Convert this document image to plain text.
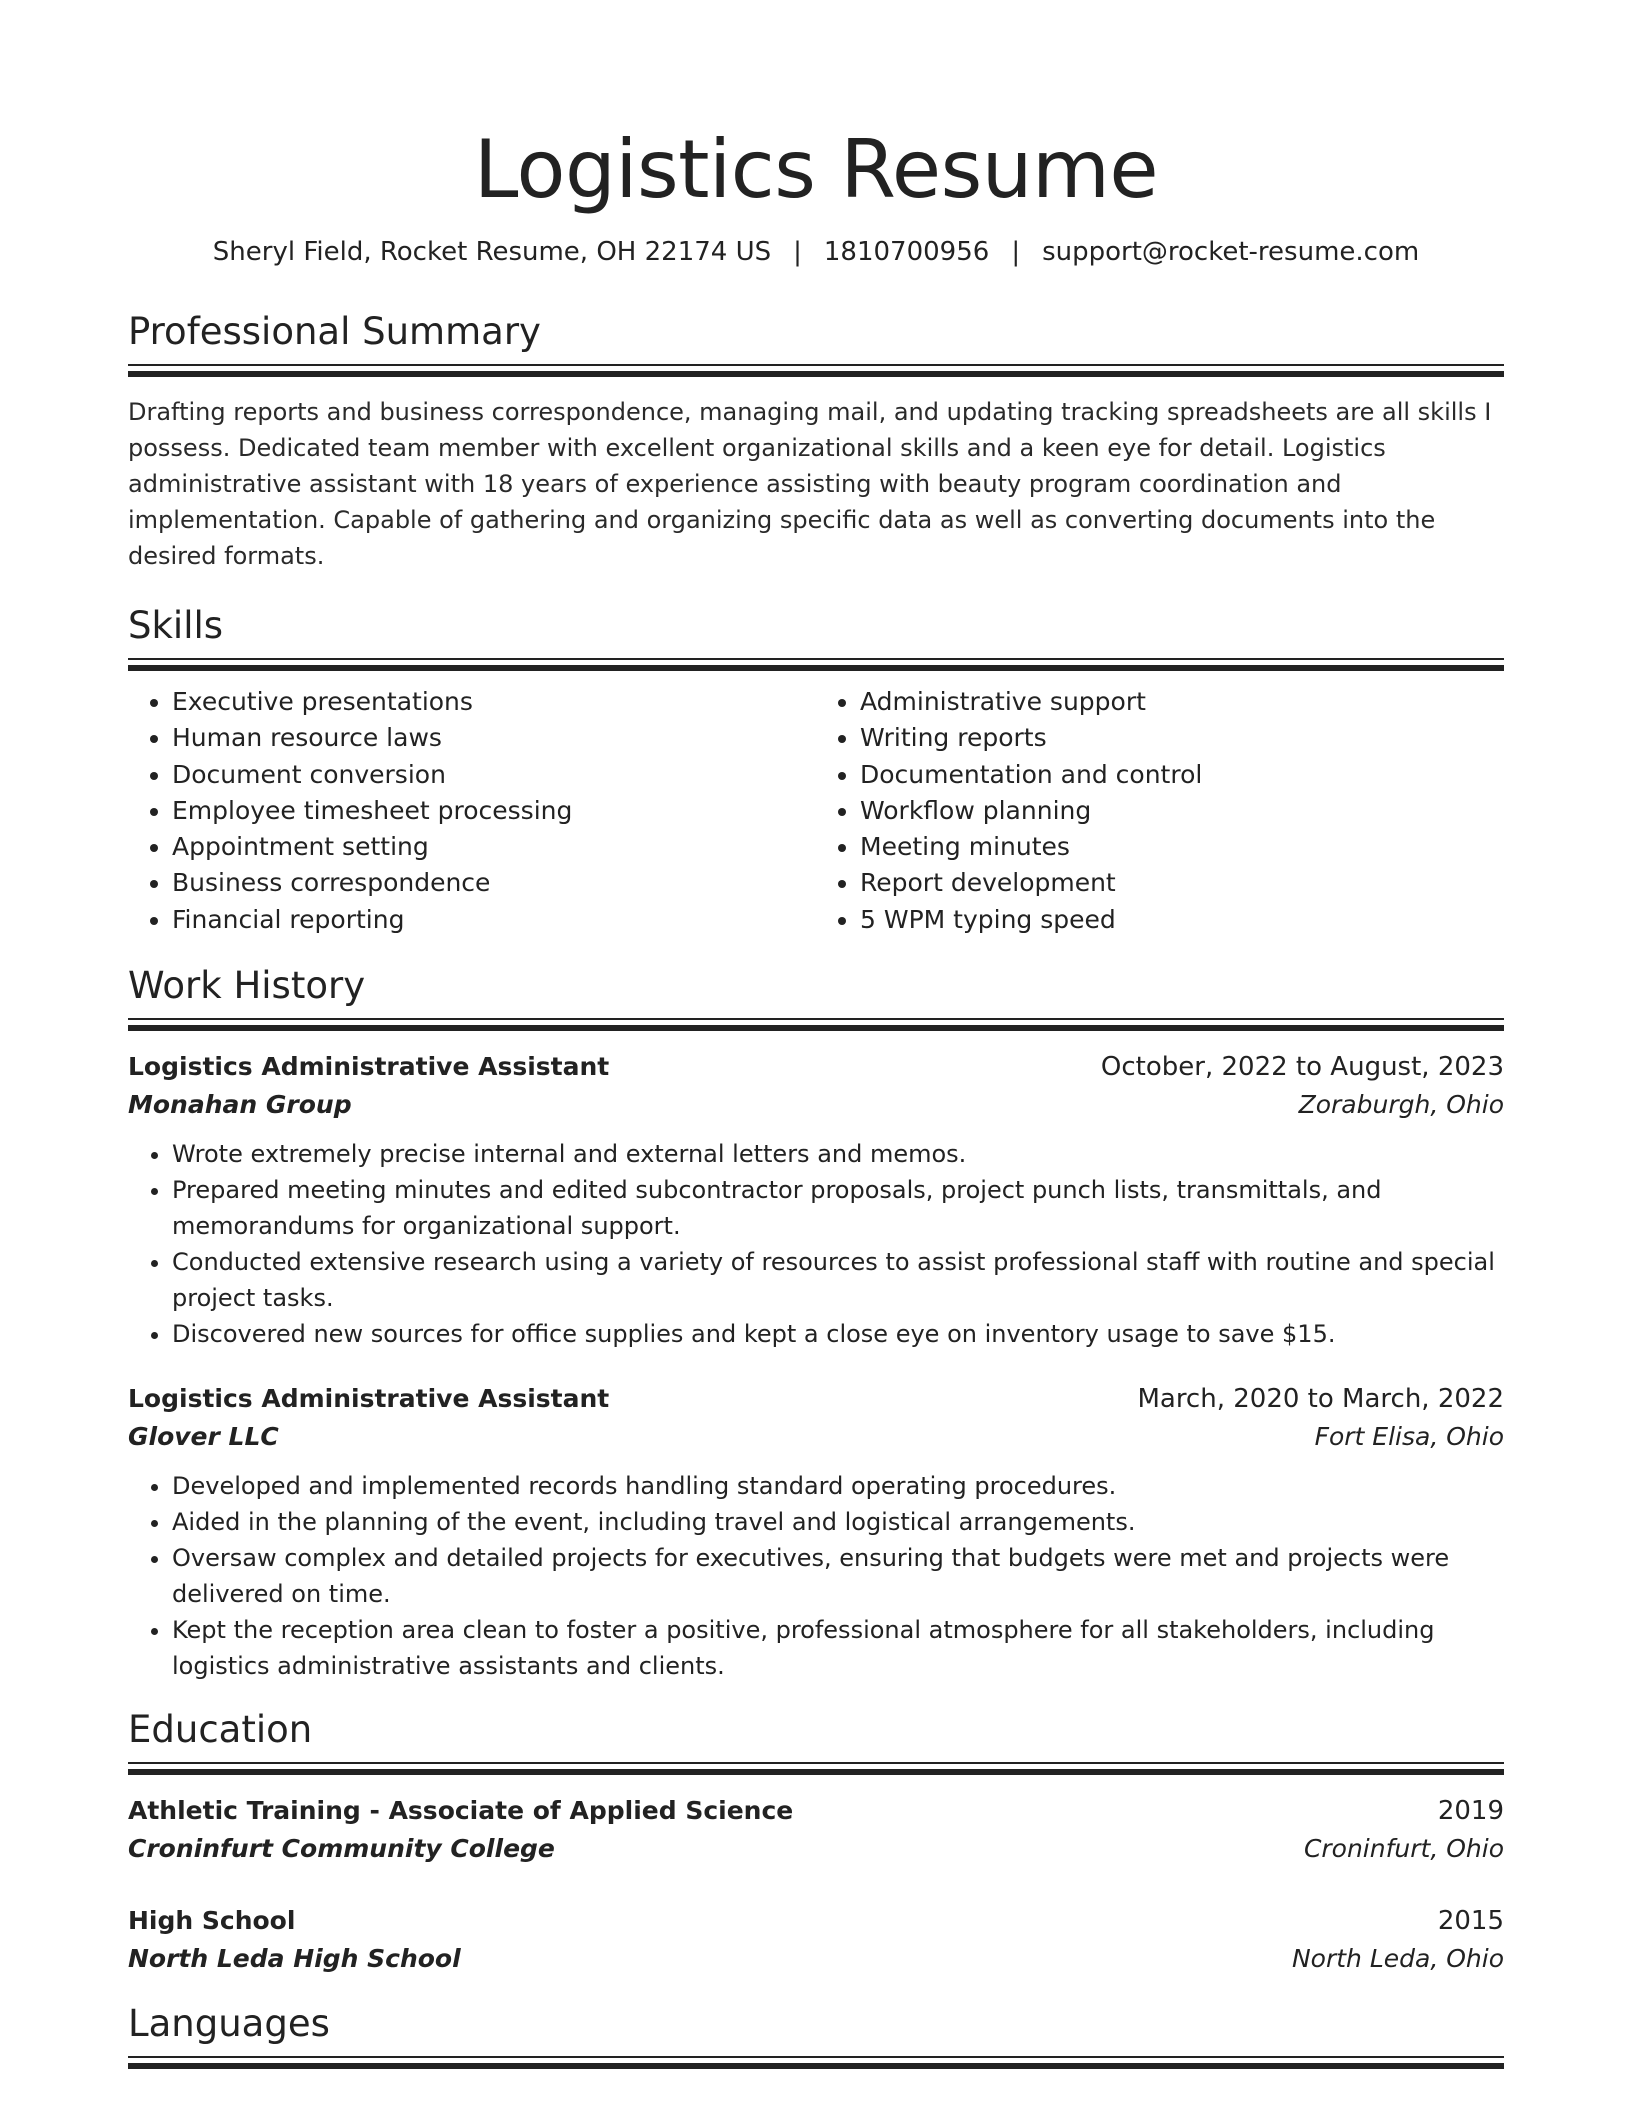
Logistics Resume
Sheryl Field, Rocket Resume, OH 22174 US | 1810700956 | support@rocket-resume.com
Professional Summary
Drafting reports and business correspondence, managing mail, and updating tracking spreadsheets are all skills I possess. Dedicated team member with excellent organizational skills and a keen eye for detail. Logistics administrative assistant with 18 years of experience assisting with beauty program coordination and implementation. Capable of gathering and organizing specific data as well as converting documents into the desired formats.
Skills
• Executive presentations
• Human resource laws
• Document conversion
• Employee timesheet processing
• Appointment setting
• Business correspondence
• Financial reporting
• Administrative support
• Writing reports
• Documentation and control
• Workflow planning
• Meeting minutes
• Report development
• 5 WPM typing speed
Work History
Logistics Administrative Assistant	October, 2022 to August, 2023
Monahan Group	Zoraburgh, Ohio
• Wrote extremely precise internal and external letters and memos.
• Prepared meeting minutes and edited subcontractor proposals, project punch lists, transmittals, and memorandums for organizational support.
• Conducted extensive research using a variety of resources to assist professional staff with routine and special project tasks.
• Discovered new sources for office supplies and kept a close eye on inventory usage to save $15.
Logistics Administrative Assistant	March, 2020 to March, 2022
Glover LLC	Fort Elisa, Ohio
• Developed and implemented records handling standard operating procedures.
• Aided in the planning of the event, including travel and logistical arrangements.
• Oversaw complex and detailed projects for executives, ensuring that budgets were met and projects were delivered on time.
• Kept the reception area clean to foster a positive, professional atmosphere for all stakeholders, including logistics administrative assistants and clients.
Education
Athletic Training - Associate of Applied Science	2019
Croninfurt Community College	Croninfurt, Ohio
High School	2015
North Leda High School	North Leda, Ohio
Languages
